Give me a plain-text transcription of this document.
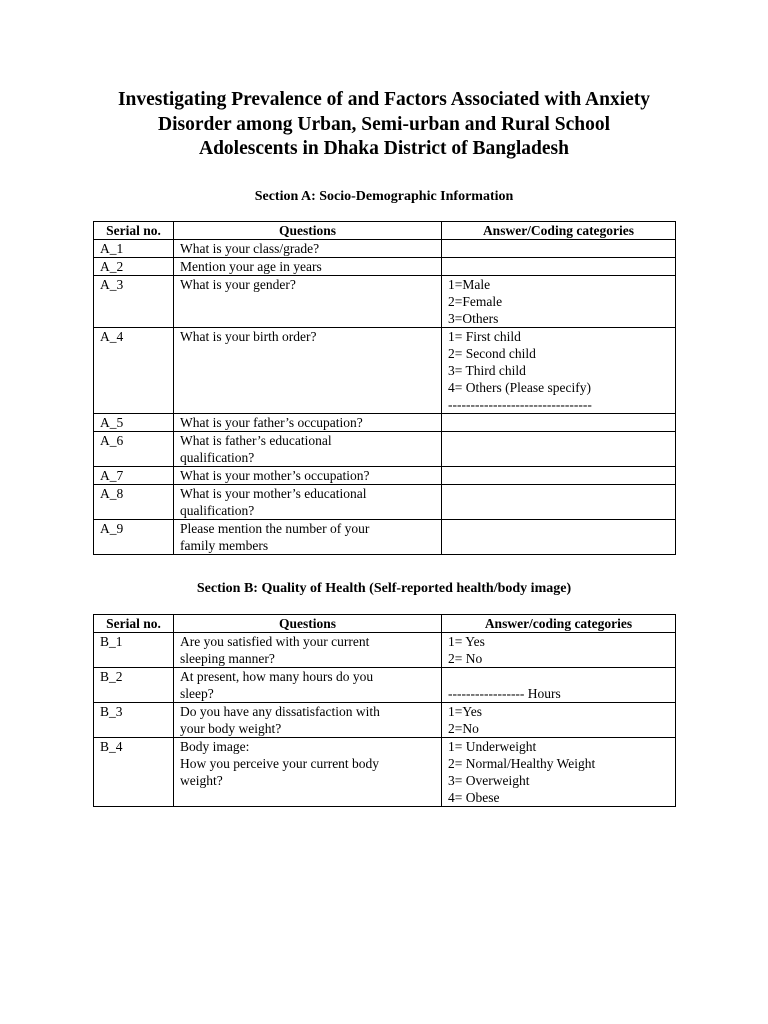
Investigating Prevalence of and Factors Associated with Anxiety
Disorder among Urban, Semi-urban and Rural School
Adolescents in Dhaka District of Bangladesh
Section A: Socio-Demographic Information
Serial no.	Questions	Answer/Coding categories
A_1	What is your class/grade?	

A_2	Mention your age in years	

A_3	What is your gender?	1=Male
2=Female
3=Others

A_4	What is your birth order?	1= First child
2= Second child
3= Third child
4= Others (Please specify)
--------------------------------

A_5	What is your father’s occupation?	

A_6	What is father’s educational
qualification?	

A_7	What is your mother’s occupation?	

A_8	What is your mother’s educational
qualification?	

A_9	Please mention the number of your
family members	

Section B: Quality of Health (Self-reported health/body image)
Serial no.	Questions	Answer/coding categories
B_1	Are you satisfied with your current
sleeping manner?	1= Yes
2= No

B_2	At present, how many hours do you
sleep?	----------------- Hours

B_3	Do you have any dissatisfaction with
your body weight?	1=Yes
2=No

B_4	Body image:
How you perceive your current body
weight?	1= Underweight
2= Normal/Healthy Weight
3= Overweight
4= Obese
